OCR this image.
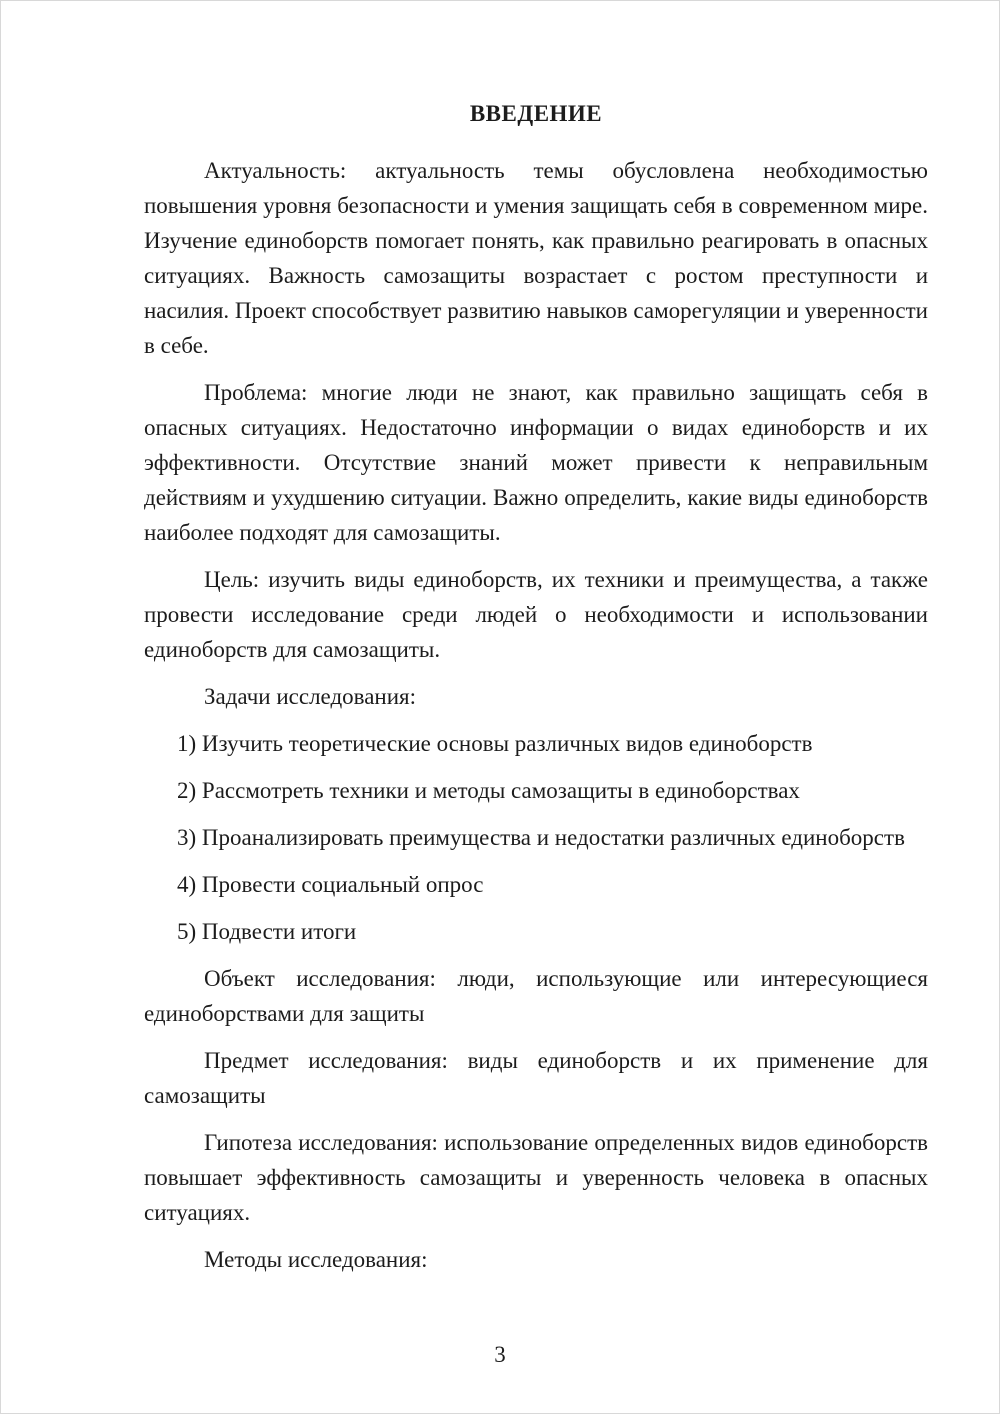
ВВЕДЕНИЕ

Актуальность: актуальность темы обусловлена необходимостью повышения уровня безопасности и умения защищать себя в современном мире. Изучение единоборств помогает понять, как правильно реагировать в опасных ситуациях. Важность самозащиты возрастает с ростом преступности и насилия. Проект способствует развитию навыков саморегуляции и уверенности в себе.

Проблема: многие люди не знают, как правильно защищать себя в опасных ситуациях. Недостаточно информации о видах единоборств и их эффективности. Отсутствие знаний может привести к неправильным действиям и ухудшению ситуации. Важно определить, какие виды единоборств наиболее подходят для самозащиты.

Цель: изучить виды единоборств, их техники и преимущества, а также провести исследование среди людей о необходимости и использовании единоборств для самозащиты.

Задачи исследования:

1) Изучить теоретические основы различных видов единоборств

2) Рассмотреть техники и методы самозащиты в единоборствах

3) Проанализировать преимущества и недостатки различных единоборств

4) Провести социальный опрос

5) Подвести итоги

Объект исследования: люди, использующие или интересующиеся единоборствами для защиты

Предмет исследования: виды единоборств и их применение для самозащиты

Гипотеза исследования: использование определенных видов единоборств повышает эффективность самозащиты и уверенность человека в опасных ситуациях.

Методы исследования:

3
